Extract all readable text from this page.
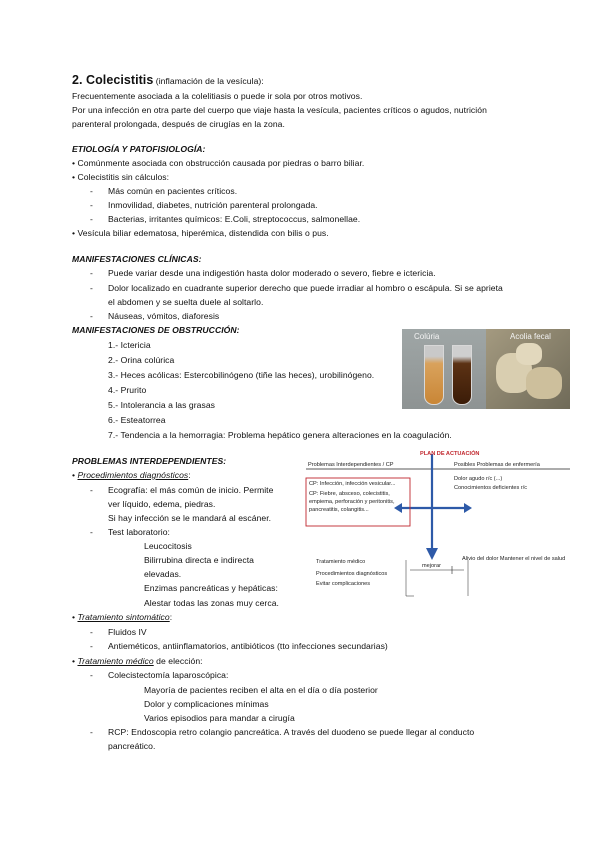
2. Colecistitis (inflamación de la vesícula):
Frecuentemente asociada a la colelitiasis o puede ir sola por otros motivos.
Por una infección en otra parte del cuerpo que viaje hasta la vesícula, pacientes críticos o agudos, nutrición
parenteral prolongada, después de cirugías en la zona.
ETIOLOGÍA Y PATOFISIOLOGÍA:
• Comúnmente asociada con obstrucción causada por piedras o barro biliar.
• Colecistitis sin cálculos:
- Más común en pacientes críticos.
- Inmovilidad, diabetes, nutrición parenteral prolongada.
- Bacterias, irritantes químicos: E.Coli, streptococcus, salmonellae.
• Vesícula biliar edematosa, hiperémica, distendida con bilis o pus.
MANIFESTACIONES CLÍNICAS:
- Puede variar desde una indigestión hasta dolor moderado o severo, fiebre e ictericia.
- Dolor localizado en cuadrante superior derecho que puede irradiar al hombro o escápula. Si se aprieta
el abdomen y se suelta duele al soltarlo.
- Náuseas, vómitos, diaforesis
MANIFESTACIONES DE OBSTRUCCIÓN:
1.- Ictericia
2.- Orina colúrica
3.- Heces acólicas: Estercobilinógeno (tiñe las heces), urobilinógeno.
4.- Prurito
5.- Intolerancia a las grasas
6.- Esteatorrea
7.- Tendencia a la hemorragia: Problema hepático genera alteraciones en la coagulación.
Colúria	Acolia fecal
PROBLEMAS INTERDEPENDIENTES:
• Procedimientos diagnósticos:
- Ecografía: el más común de inicio. Permite
ver líquido, edema, piedras.
Si hay infección se le mandará al escáner.
- Test laboratorio:
Leucocitosis
Bilirrubina directa e indirecta
elevadas.
Enzimas pancreáticas y hepáticas:
Alestar todas las zonas muy cerca.
• Tratamiento sintomático:
- Fluidos IV
- Antieméticos, antiinflamatorios, antibióticos (tto infecciones secundarias)
• Tratamiento médico de elección:
- Colecistectomía laparoscópica:
Mayoría de pacientes reciben el alta en el día o día posterior
Dolor y complicaciones mínimas
Varios episodios para mandar a cirugía
- RCP: Endoscopia retro colangio pancreática. A través del duodeno se puede llegar al conducto
pancreático.
PLAN DE ACTUACIÓN
Problemas Interdependientes / CP	Posibles Problemas de enfermería
CP: Infección, infección vesicular...
CP: Fiebre, absceso, colecistitis,
empiema, perforación y peritonitis,
pancreatitis, colangitis...
Dolor agudo r/c (...)
Conocimientos deficientes r/c
Tratamiento médico
Procedimientos diagnósticos
Evitar complicaciones
mejorar
Alivio del dolor Mantener el nivel de salud
